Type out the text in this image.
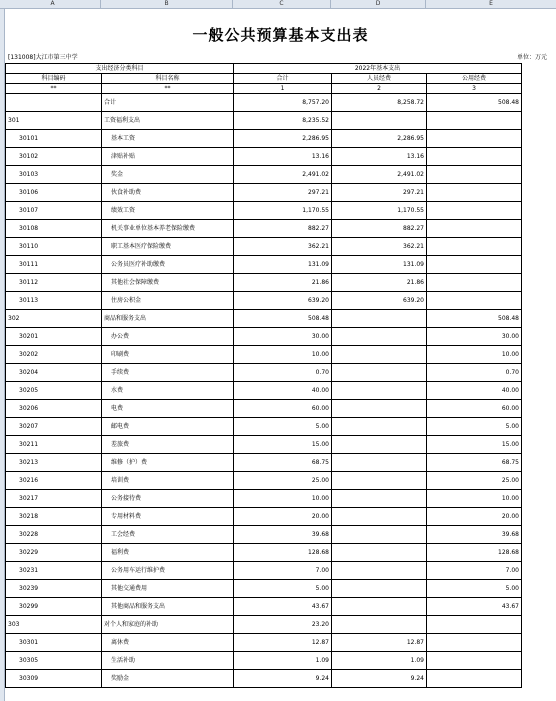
A	B	C	D	E
一般公共预算基本支出表
[131008]大江市第三中学	单位：万元
支出经济分类科目		2022年基本支出		
科目编码	科目名称	合计	人员经费	公用经费
**	**	1	2	3
	合计	8,757.20	8,258.72	508.48
301	工资福利支出	8,235.52		
30101	基本工资	2,286.95	2,286.95	
30102	津贴补贴	13.16	13.16	
30103	奖金	2,491.02	2,491.02	
30106	伙食补助费	297.21	297.21	
30107	绩效工资	1,170.55	1,170.55	
30108	机关事业单位基本养老保险缴费	882.27	882.27	
30110	职工基本医疗保险缴费	362.21	362.21	
30111	公务员医疗补助缴费	131.09	131.09	
30112	其他社会保障缴费	21.86	21.86	
30113	住房公积金	639.20	639.20	
302	商品和服务支出	508.48		508.48
30201	办公费	30.00		30.00
30202	印刷费	10.00		10.00
30204	手续费	0.70		0.70
30205	水费	40.00		40.00
30206	电费	60.00		60.00
30207	邮电费	5.00		5.00
30211	差旅费	15.00		15.00
30213	维修（护）费	68.75		68.75
30216	培训费	25.00		25.00
30217	公务接待费	10.00		10.00
30218	专用材料费	20.00		20.00
30228	工会经费	39.68		39.68
30229	福利费	128.68		128.68
30231	公务用车运行维护费	7.00		7.00
30239	其他交通费用	5.00		5.00
30299	其他商品和服务支出	43.67		43.67
303	对个人和家庭的补助	23.20		
30301	离休费	12.87	12.87	
30305	生活补助	1.09	1.09	
30309	奖励金	9.24	9.24	
